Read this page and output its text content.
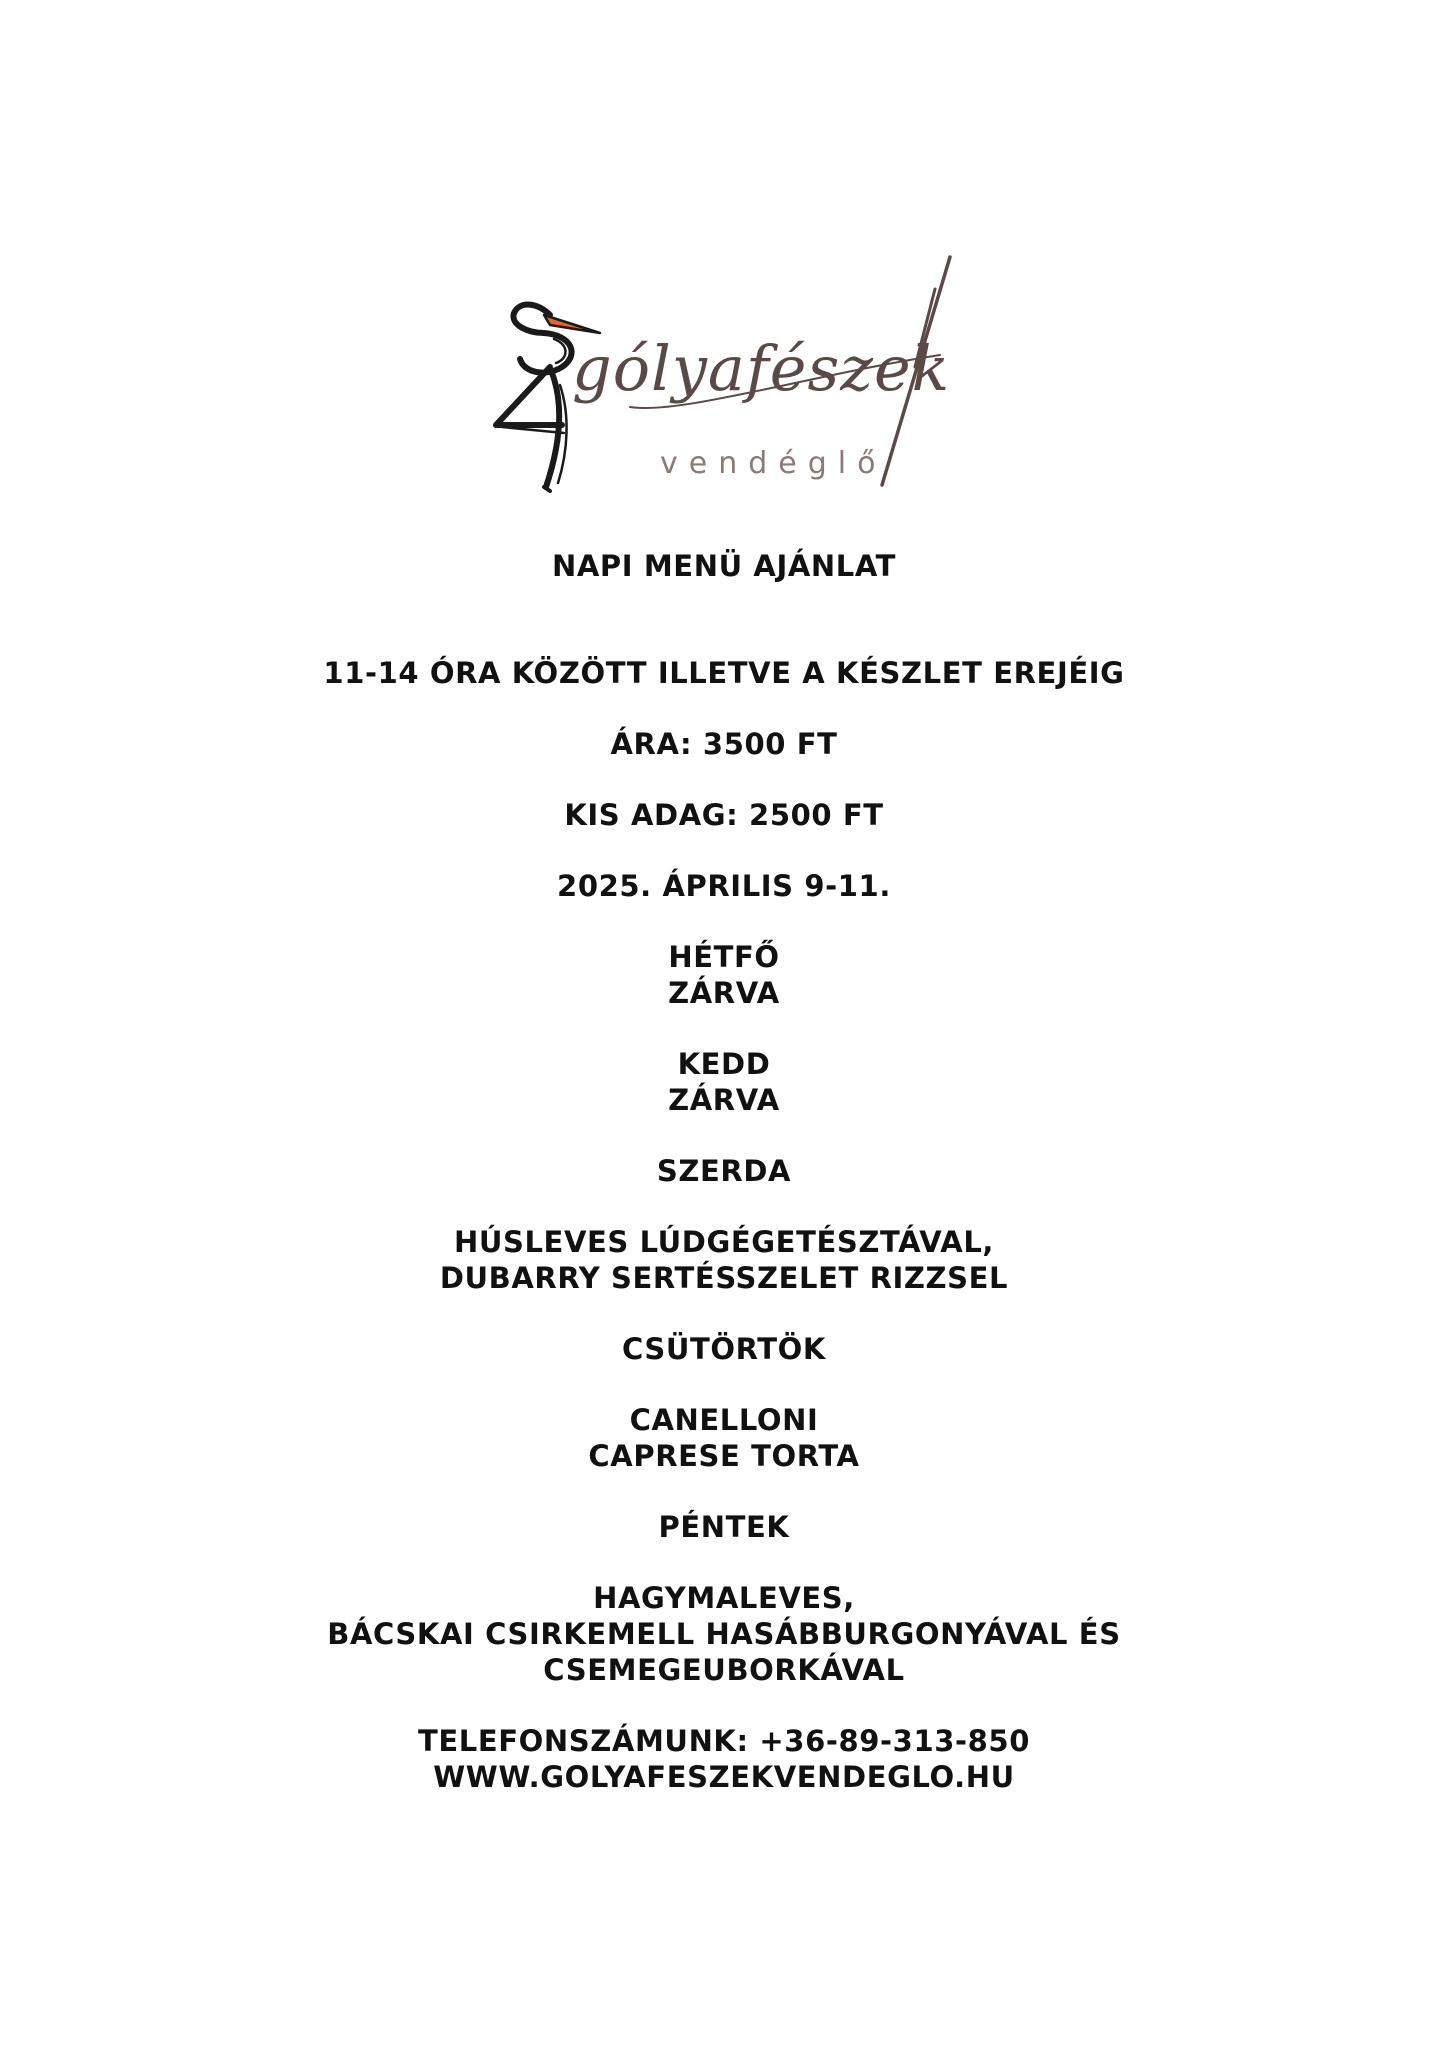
gólyafészek
vendéglő
NAPI MENÜ AJÁNLAT
11-14 ÓRA KÖZÖTT ILLETVE A KÉSZLET EREJÉIG
ÁRA: 3500 FT
KIS ADAG: 2500 FT
2025. ÁPRILIS 9-11.
HÉTFŐ
ZÁRVA
KEDD
ZÁRVA
SZERDA
HÚSLEVES LÚDGÉGETÉSZTÁVAL,
DUBARRY SERTÉSSZELET RIZZSEL
CSÜTÖRTÖK
CANELLONI
CAPRESE TORTA
PÉNTEK
HAGYMALEVES,
BÁCSKAI CSIRKEMELL HASÁBBURGONYÁVAL ÉS
CSEMEGEUBORKÁVAL
TELEFONSZÁMUNK: +36-89-313-850
WWW.GOLYAFESZEKVENDEGLO.HU
